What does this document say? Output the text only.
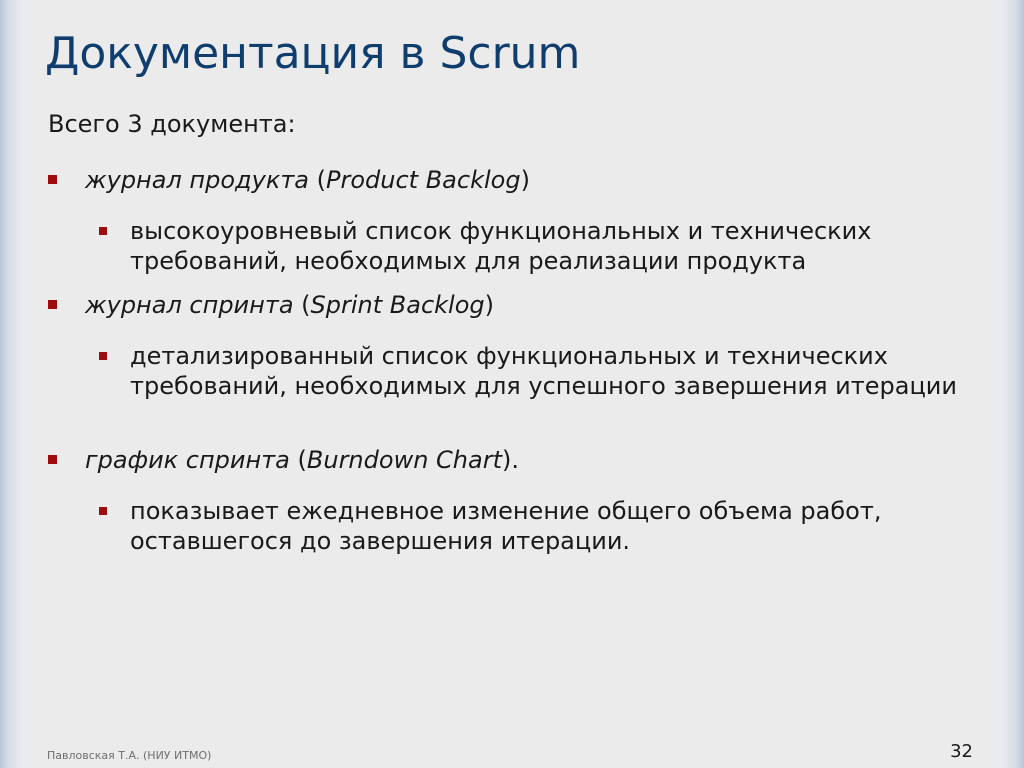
Документация в Scrum
Всего 3 документа:
журнал продукта (Product Backlog)
высокоуровневый список функциональных и технических требований, необходимых для реализации продукта
журнал спринта (Sprint Backlog)
детализированный список функциональных и технических требований, необходимых для успешного завершения итерации
график спринта (Burndown Chart).
показывает ежедневное изменение общего объема работ, оставшегося до завершения итерации.
Павловская Т.А. (НИУ ИТМО)	32
